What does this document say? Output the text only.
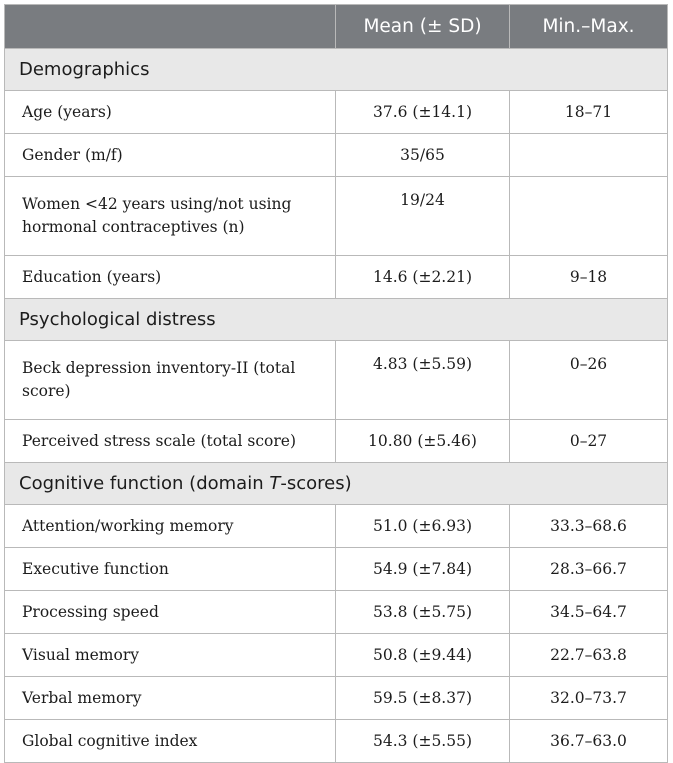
	Mean (± SD)	Min.–Max.
Demographics		
Age (years)	37.6 (±14.1)	18–71
Gender (m/f)	35/65	
Women <42 years using/not using hormonal contraceptives (n)	19/24	
Education (years)	14.6 (±2.21)	9–18
Psychological distress		
Beck depression inventory-II (total score)	4.83 (±5.59)	0–26
Perceived stress scale (total score)	10.80 (±5.46)	0–27
Cognitive function (domain T-scores)		
Attention/working memory	51.0 (±6.93)	33.3–68.6
Executive function	54.9 (±7.84)	28.3–66.7
Processing speed	53.8 (±5.75)	34.5–64.7
Visual memory	50.8 (±9.44)	22.7–63.8
Verbal memory	59.5 (±8.37)	32.0–73.7
Global cognitive index	54.3 (±5.55)	36.7–63.0
